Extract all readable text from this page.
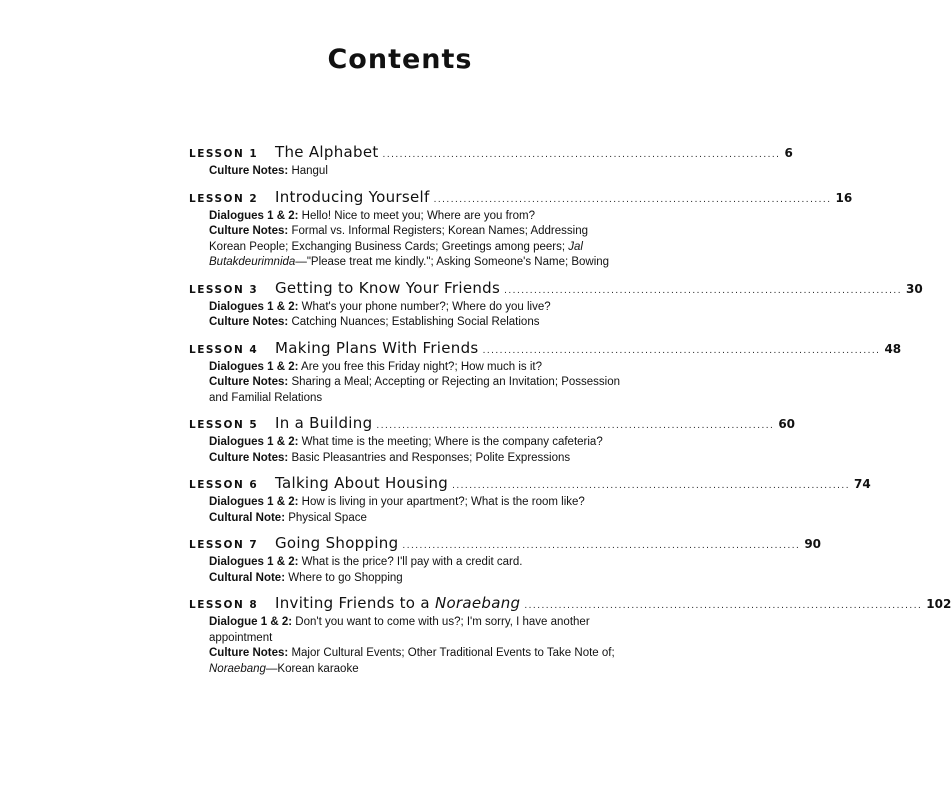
Contents
LESSON 1	The Alphabet ............................................................................................. 6

Culture Notes: Hangul

LESSON 2	Introducing Yourself ............................................................................................. 16

Dialogues 1 & 2: Hello! Nice to meet you; Where are you from?

Culture Notes: Formal vs. Informal Registers; Korean Names; Addressing Korean People; Exchanging Business Cards; Greetings among peers; Jal Butakdeurimnida—"Please treat me kindly."; Asking Someone's Name; Bowing

LESSON 3	Getting to Know Your Friends ............................................................................................. 30

Dialogues 1 & 2: What's your phone number?; Where do you live?

Culture Notes: Catching Nuances; Establishing Social Relations

LESSON 4	Making Plans With Friends ............................................................................................. 48

Dialogues 1 & 2: Are you free this Friday night?; How much is it?

Culture Notes: Sharing a Meal; Accepting or Rejecting an Invitation; Possession and Familial Relations

LESSON 5	In a Building ............................................................................................. 60

Dialogues 1 & 2: What time is the meeting; Where is the company cafeteria?

Culture Notes: Basic Pleasantries and Responses; Polite Expressions

LESSON 6	Talking About Housing ............................................................................................. 74

Dialogues 1 & 2: How is living in your apartment?; What is the room like?

Cultural Note: Physical Space

LESSON 7	Going Shopping ............................................................................................. 90

Dialogues 1 & 2: What is the price? I'll pay with a credit card.

Cultural Note: Where to go Shopping

LESSON 8	Inviting Friends to a Noraebang ............................................................................................. 102

Dialogue 1 & 2: Don't you want to come with us?; I'm sorry, I have another appointment

Culture Notes: Major Cultural Events; Other Traditional Events to Take Note of; Noraebang—Korean karaoke
